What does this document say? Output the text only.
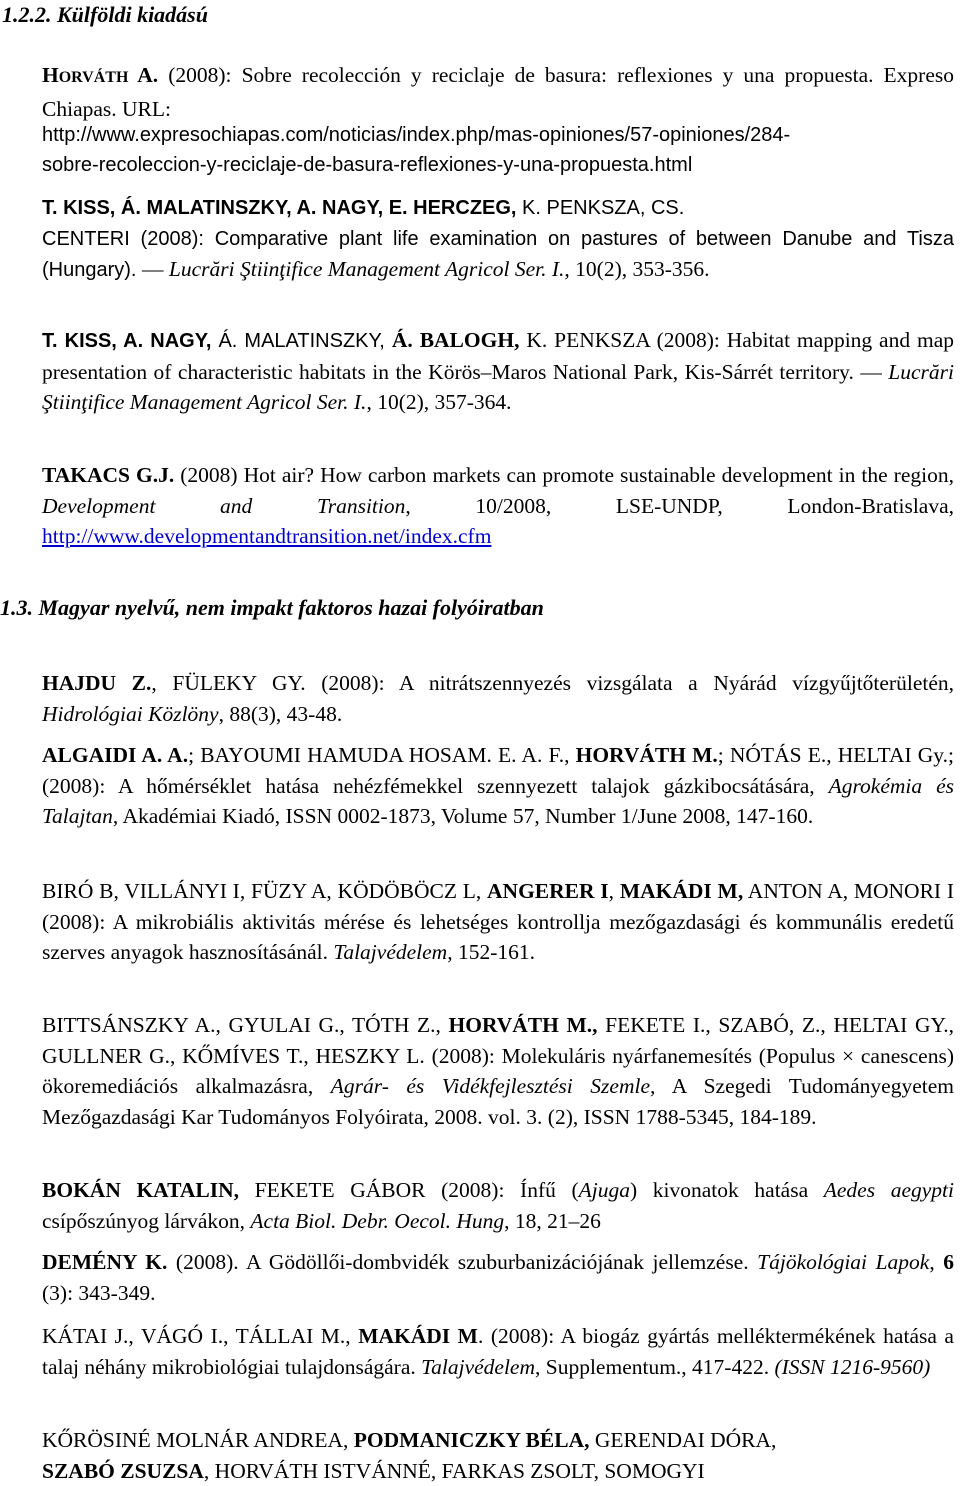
1.2.2. Külföldi kiadású
HORVÁTH A. (2008): Sobre recolección y reciclaje de basura: reflexiones y una propuesta. Expreso Chiapas. URL:
http://www.expresochiapas.com/noticias/index.php/mas-opiniones/57-opiniones/284-
sobre-recoleccion-y-reciclaje-de-basura-reflexiones-y-una-propuesta.html
T. KISS, Á. MALATINSZKY, A. NAGY, E. HERCZEG, K. PENKSZA, CS.
CENTERI (2008): Comparative plant life examination on pastures of between Danube and Tisza (Hungary). — Lucrări Ştiinţifice Management Agricol Ser. I., 10(2), 353-356.
T. KISS, A. NAGY, Á. MALATINSZKY, Á. BALOGH, K. PENKSZA (2008): Habitat mapping and map presentation of characteristic habitats in the Körös–Maros National Park, Kis-Sárrét territory. — Lucrări Ştiinţifice Management Agricol Ser. I., 10(2), 357-364.
TAKACS G.J. (2008) Hot air? How carbon markets can promote sustainable development in the region, Development and Transition, 10/2008, LSE-UNDP, London-Bratislava, http://www.developmentandtransition.net/index.cfm
1.3. Magyar nyelvű, nem impakt faktoros hazai folyóiratban
HAJDU Z., FÜLEKY GY. (2008): A nitrátszennyezés vizsgálata a Nyárád vízgyűjtőterületén, Hidrológiai Közlöny, 88(3), 43-48.
ALGAIDI A. A.; BAYOUMI HAMUDA HOSAM. E. A. F., HORVÁTH M.; NÓTÁS E., HELTAI Gy.; (2008): A hőmérséklet hatása nehézfémekkel szennyezett talajok gázkibocsátására, Agrokémia és Talajtan, Akadémiai Kiadó, ISSN 0002-1873, Volume 57, Number 1/June 2008, 147-160.
BIRÓ B, VILLÁNYI I, FÜZY A, KÖDÖBÖCZ L, ANGERER I, MAKÁDI M, ANTON A, MONORI I (2008): A mikrobiális aktivitás mérése és lehetséges kontrollja mezőgazdasági és kommunális eredetű szerves anyagok hasznosításánál. Talajvédelem, 152-161.
BITTSÁNSZKY A., GYULAI G., TÓTH Z., HORVÁTH M., FEKETE I., SZABÓ, Z., HELTAI GY., GULLNER G., KŐMÍVES T., HESZKY L. (2008): Molekuláris nyárfanemesítés (Populus × canescens) ökoremediációs alkalmazásra, Agrár- és Vidékfejlesztési Szemle, A Szegedi Tudományegyetem Mezőgazdasági Kar Tudományos Folyóirata, 2008. vol. 3. (2), ISSN 1788-5345, 184-189.
BOKÁN KATALIN, FEKETE GÁBOR (2008): Ínfű (Ajuga) kivonatok hatása Aedes aegypti csípőszúnyog lárvákon, Acta Biol. Debr. Oecol. Hung, 18, 21–26
DEMÉNY K. (2008). A Gödöllői-dombvidék szuburbanizációjának jellemzése. Tájökológiai Lapok, 6 (3): 343-349.
KÁTAI J., VÁGÓ I., TÁLLAI M., MAKÁDI M. (2008): A biogáz gyártás melléktermékének hatása a talaj néhány mikrobiológiai tulajdonságára. Talajvédelem, Supplementum., 417-422. (ISSN 1216-9560)
KŐRÖSINÉ MOLNÁR ANDREA, PODMANICZKY BÉLA, GERENDAI DÓRA,
SZABÓ ZSUZSA, HORVÁTH ISTVÁNNÉ, FARKAS ZSOLT, SOMOGYI
